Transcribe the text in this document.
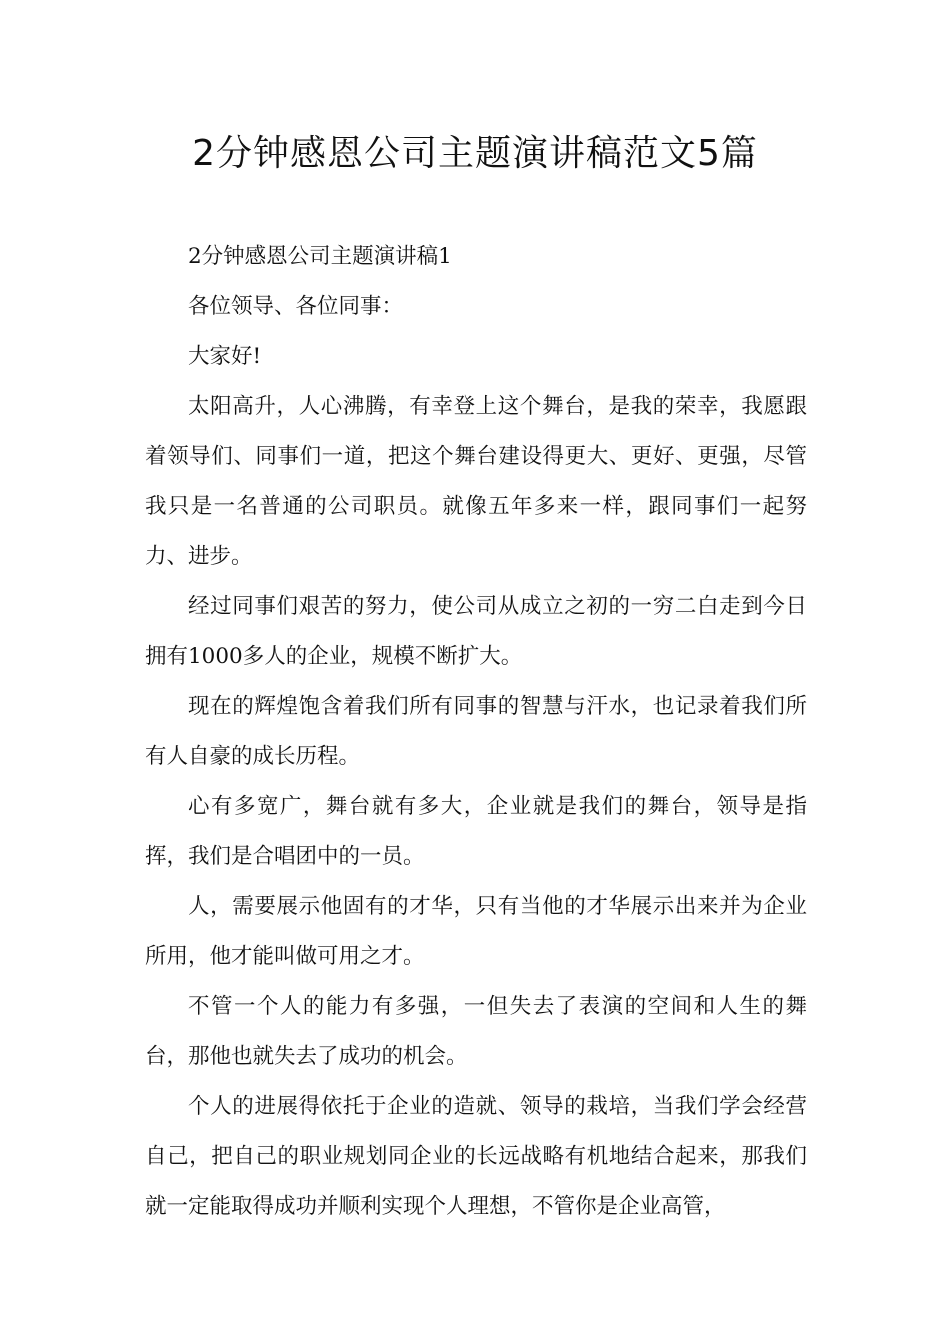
2分钟感恩公司主题演讲稿范文5篇

2分钟感恩公司主题演讲稿1

各位领导、各位同事：

大家好!

太阳高升，人心沸腾，有幸登上这个舞台，是我的荣幸，我愿跟着领导们、同事们一道，把这个舞台建设得更大、更好、更强，尽管我只是一名普通的公司职员。就像五年多来一样，跟同事们一起努力、进步。

经过同事们艰苦的努力，使公司从成立之初的一穷二白走到今日拥有1000多人的企业，规模不断扩大。

现在的辉煌饱含着我们所有同事的智慧与汗水，也记录着我们所有人自豪的成长历程。

心有多宽广，舞台就有多大，企业就是我们的舞台，领导是指挥，我们是合唱团中的一员。

人，需要展示他固有的才华，只有当他的才华展示出来并为企业所用，他才能叫做可用之才。

不管一个人的能力有多强，一但失去了表演的空间和人生的舞台，那他也就失去了成功的机会。

个人的进展得依托于企业的造就、领导的栽培，当我们学会经营自己，把自己的职业规划同企业的长远战略有机地结合起来，那我们就一定能取得成功并顺利实现个人理想，不管你是企业高管，
